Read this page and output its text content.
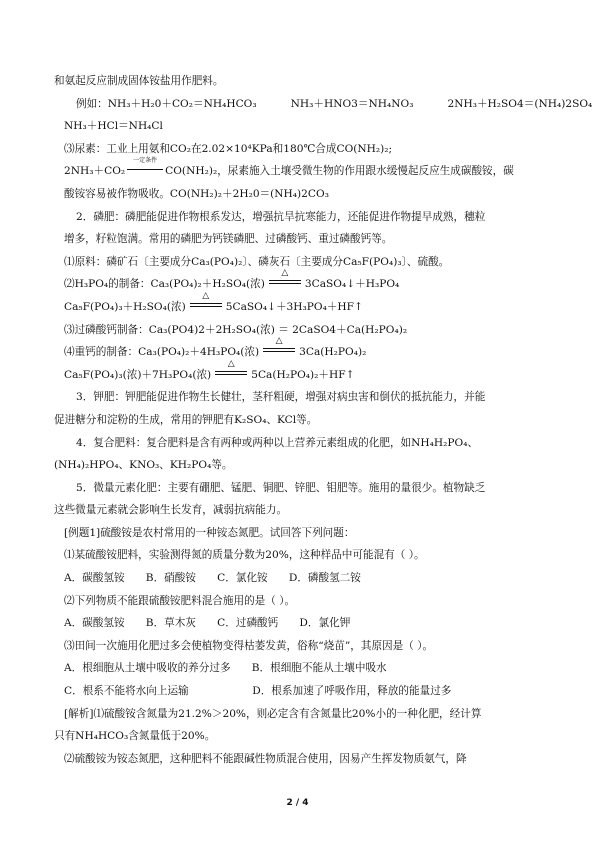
和氨起反应制成固体铵盐用作肥料。
例如：NH₃＋H₂0＋CO₂＝NH₄HCO₃	NH₃＋HNO3＝NH₄NO₃	2NH₃＋H₂SO4＝(NH₄)2SO₄
NH₃＋HCl＝NH₄Cl
⑶尿素：工业上用氨和CO₂在2.02×10⁴KPa和180℃合成CO(NH₂)₂;
2NH₃＋CO₂
一定条件
CO(NH₂)₂，尿素施入土壤受微生物的作用跟水缓慢起反应生成碳酸铵，碳
酸铵容易被作物吸收。CO(NH₂)₂＋2H₂0＝(NH₄)2CO₃
2．磷肥：磷肥能促进作物根系发达，增强抗旱抗寒能力，还能促进作物提早成熟，穗粒
增多，籽粒饱满。常用的磷肥为钙镁磷肥、过磷酸钙、重过磷酸钙等。
⑴原料：磷矿石〔主要成分Ca₃(PO₄)₂〕、磷灰石〔主要成分Ca₅F(PO₄)₃〕、硫酸。
⑵H₃PO₄的制备：Ca₃(PO₄)₂＋H₂SO₄(浓)
△
3CaSO₄↓＋H₃PO₄
Ca₅F(PO₄)₃＋H₂SO₄(浓)
△
5CaSO₄↓＋3H₃PO₄＋HF↑
⑶过磷酸钙制备：Ca₃(PO4)2＋2H₂SO₄(浓) ＝ 2CaSO4＋Ca(H₂PO₄)₂
⑷重钙的制备：Ca₃(PO₄)₂＋4H₃PO₄(浓)
△
3Ca(H₂PO₄)₂
Ca₅F(PO₄)₃(浓)＋7H₃PO₄(浓)
△
5Ca(H₂PO₄)₂＋HF↑
3．钾肥：钾肥能促进作物生长健壮，茎秆粗硬，增强对病虫害和倒伏的抵抗能力，并能
促进糖分和淀粉的生成，常用的钾肥有K₂SO₄、KCl等。
4．复合肥料：复合肥料是含有两种或两种以上营养元素组成的化肥，如NH₄H₂PO₄、
(NH₄)₂HPO₄、KNO₃、KH₂PO₄等。
5．微量元素化肥：主要有硼肥、锰肥、铜肥、锌肥、钼肥等。施用的量很少。植物缺乏
这些微量元素就会影响生长发育，减弱抗病能力。
[例题1]硫酸铵是农村常用的一种铵态氮肥。试回答下列问题：
⑴某硫酸铵肥料，实验测得氮的质量分数为20%，这种样品中可能混有（ ）。
A．碳酸氢铵　　B．硝酸铵　　C．氯化铵　　D．磷酸氢二铵
⑵下列物质不能跟硫酸铵肥料混合施用的是（ ）。
A．碳酸氢铵　　B．草木灰　　C．过磷酸钙　　D．氯化钾
⑶田间一次施用化肥过多会使植物变得枯萎发黄，俗称“烧苗”，其原因是（ ）。
A．根细胞从土壤中吸收的养分过多　　B．根细胞不能从土壤中吸水
C．根系不能将水向上运输　　　　　　D．根系加速了呼吸作用，释放的能量过多
[解析]⑴硫酸铵含氮量为21.2%＞20%，则必定含有含氮量比20%小的一种化肥，经计算
只有NH₄HCO₃含氮量低于20%。
⑵硫酸铵为铵态氮肥，这种肥料不能跟碱性物质混合使用，因易产生挥发物质氨气，降
2 / 4
